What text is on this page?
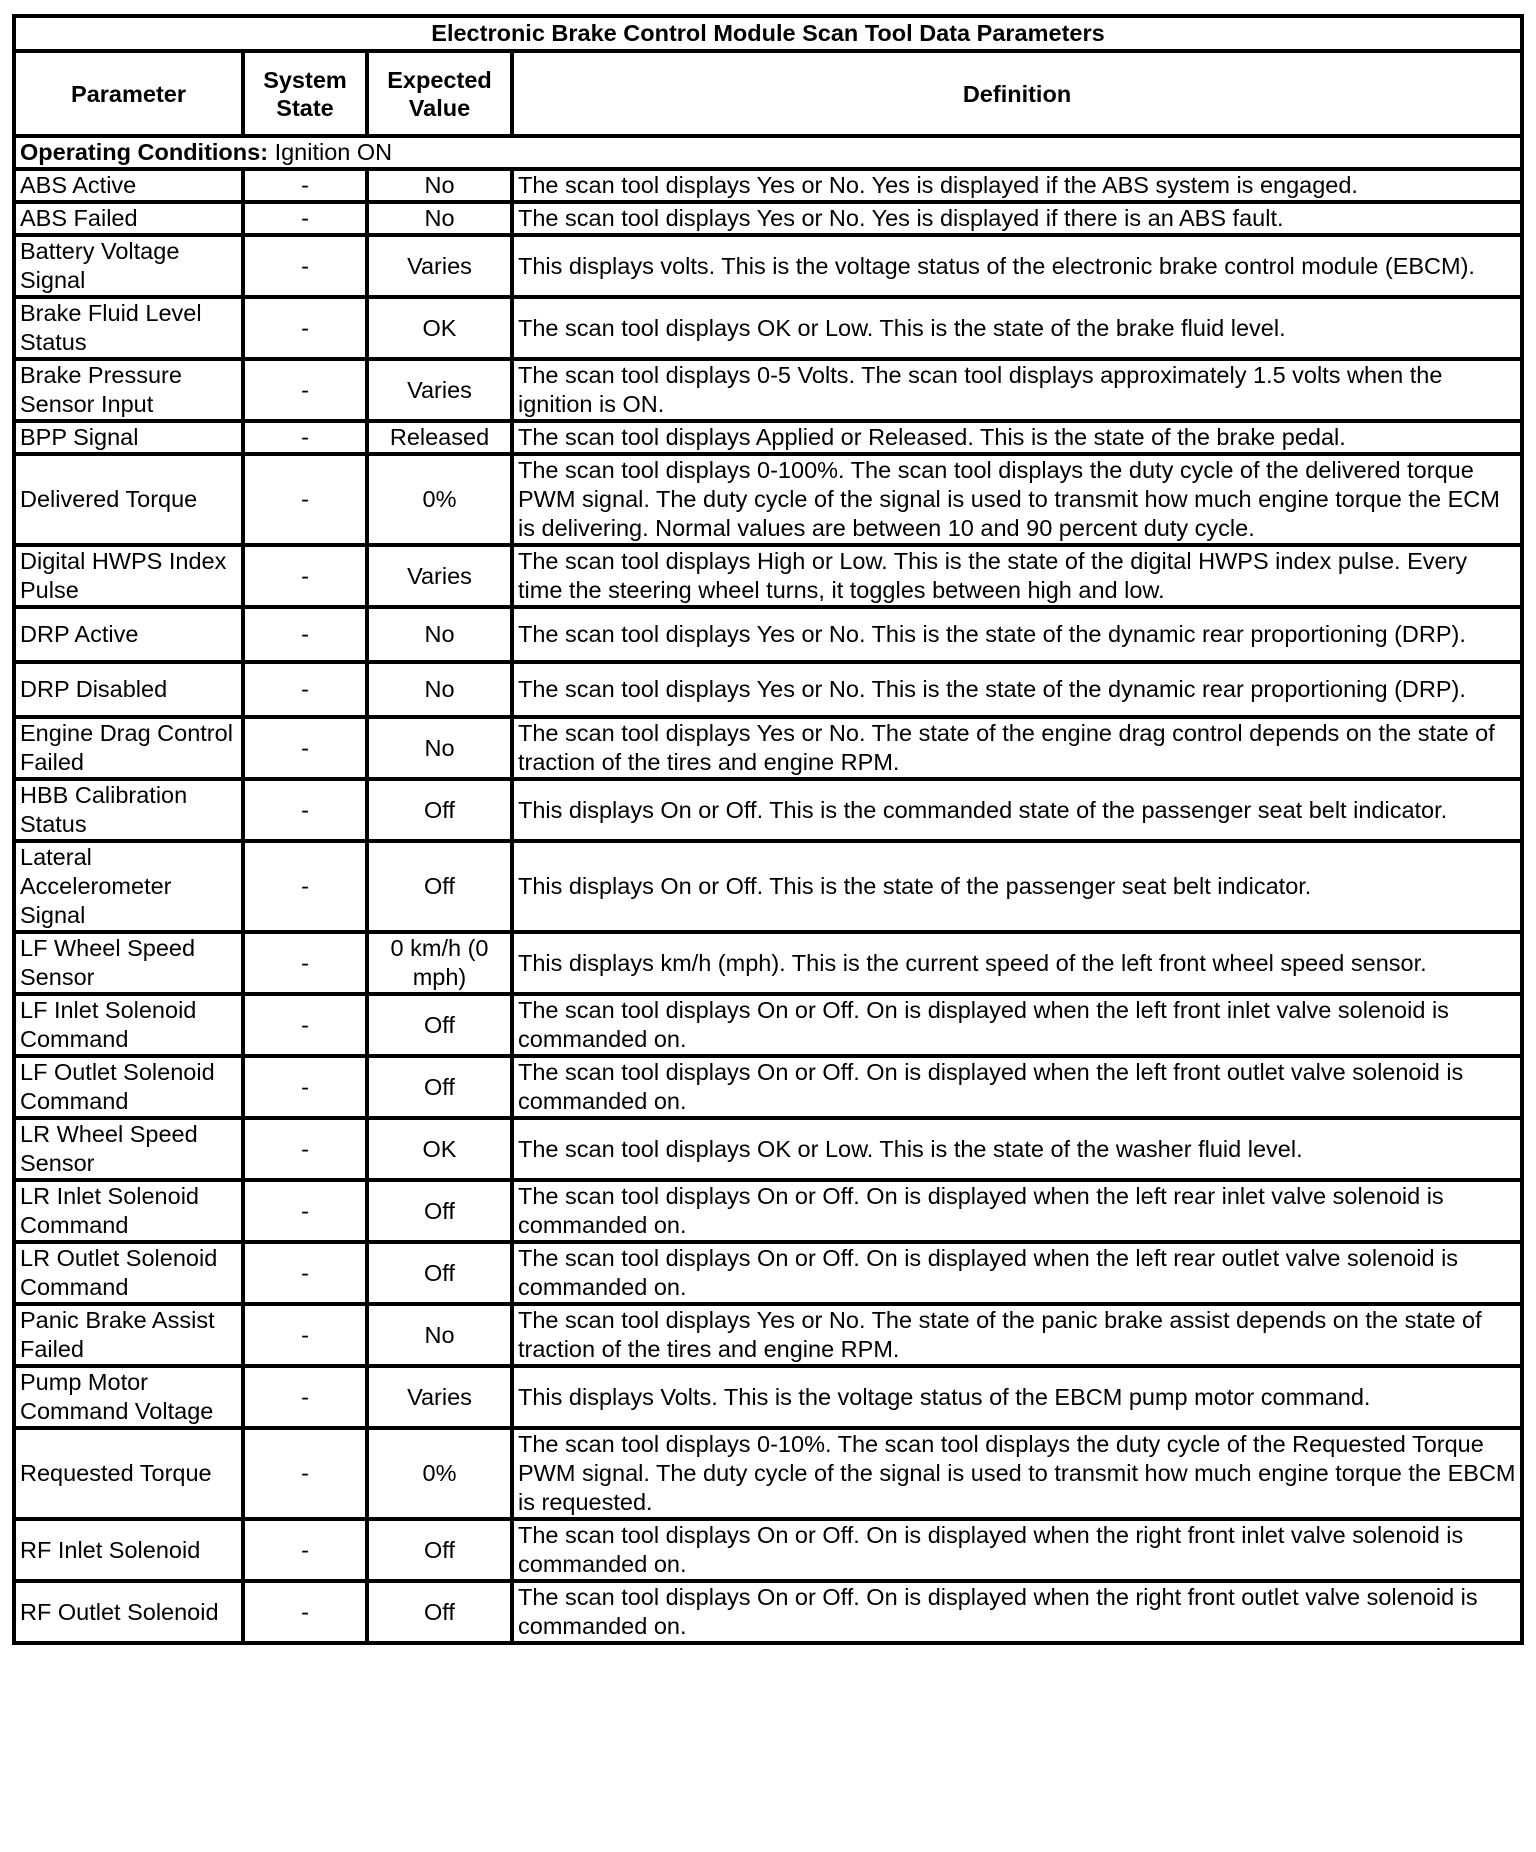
Electronic Brake Control Module Scan Tool Data Parameters			
Parameter	System State	Expected Value	Definition
Operating Conditions: Ignition ON			
ABS Active	-	No	The scan tool displays Yes or No. Yes is displayed if the ABS system is engaged.
ABS Failed	-	No	The scan tool displays Yes or No. Yes is displayed if there is an ABS fault.
Battery Voltage Signal	-	Varies	This displays volts. This is the voltage status of the electronic brake control module (EBCM).
Brake Fluid Level Status	-	OK	The scan tool displays OK or Low. This is the state of the brake fluid level.
Brake Pressure Sensor Input	-	Varies	The scan tool displays 0-5 Volts. The scan tool displays approximately 1.5 volts when the ignition is ON.
BPP Signal	-	Released	The scan tool displays Applied or Released. This is the state of the brake pedal.
Delivered Torque	-	0%	The scan tool displays 0-100%. The scan tool displays the duty cycle of the delivered torque PWM signal. The duty cycle of the signal is used to transmit how much engine torque the ECM is delivering. Normal values are between 10 and 90 percent duty cycle.
Digital HWPS Index Pulse	-	Varies	The scan tool displays High or Low. This is the state of the digital HWPS index pulse. Every time the steering wheel turns, it toggles between high and low.
DRP Active	-	No	The scan tool displays Yes or No. This is the state of the dynamic rear proportioning (DRP).
DRP Disabled	-	No	The scan tool displays Yes or No. This is the state of the dynamic rear proportioning (DRP).
Engine Drag Control Failed	-	No	The scan tool displays Yes or No. The state of the engine drag control depends on the state of traction of the tires and engine RPM.
HBB Calibration Status	-	Off	This displays On or Off. This is the commanded state of the passenger seat belt indicator.
Lateral Accelerometer Signal	-	Off	This displays On or Off. This is the state of the passenger seat belt indicator.
LF Wheel Speed Sensor	-	0 km/h (0 mph)	This displays km/h (mph). This is the current speed of the left front wheel speed sensor.
LF Inlet Solenoid Command	-	Off	The scan tool displays On or Off. On is displayed when the left front inlet valve solenoid is commanded on.
LF Outlet Solenoid Command	-	Off	The scan tool displays On or Off. On is displayed when the left front outlet valve solenoid is commanded on.
LR Wheel Speed Sensor	-	OK	The scan tool displays OK or Low. This is the state of the washer fluid level.
LR Inlet Solenoid Command	-	Off	The scan tool displays On or Off. On is displayed when the left rear inlet valve solenoid is commanded on.
LR Outlet Solenoid Command	-	Off	The scan tool displays On or Off. On is displayed when the left rear outlet valve solenoid is commanded on.
Panic Brake Assist Failed	-	No	The scan tool displays Yes or No. The state of the panic brake assist depends on the state of traction of the tires and engine RPM.
Pump Motor Command Voltage	-	Varies	This displays Volts. This is the voltage status of the EBCM pump motor command.
Requested Torque	-	0%	The scan tool displays 0-10%. The scan tool displays the duty cycle of the Requested Torque PWM signal. The duty cycle of the signal is used to transmit how much engine torque the EBCM is requested.
RF Inlet Solenoid	-	Off	The scan tool displays On or Off. On is displayed when the right front inlet valve solenoid is commanded on.
RF Outlet Solenoid	-	Off	The scan tool displays On or Off. On is displayed when the right front outlet valve solenoid is commanded on.
